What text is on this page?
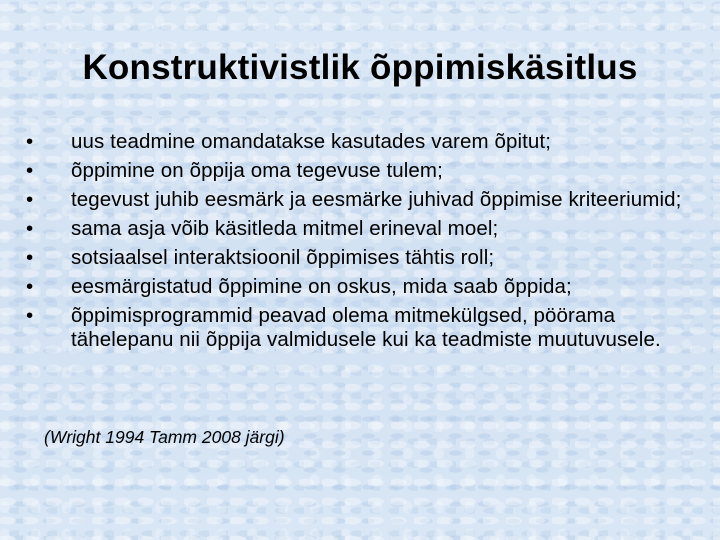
Konstruktivistlik õppimiskäsitlus
•	uus teadmine omandatakse kasutades varem õpitut;
•	õppimine on õppija oma tegevuse tulem;
•	tegevust juhib eesmärk ja eesmärke juhivad õppimise kriteeriumid;
•	sama asja võib käsitleda mitmel erineval moel;
•	sotsiaalsel interaktsioonil õppimises tähtis roll;
•	eesmärgistatud õppimine on oskus, mida saab õppida;
•	õppimisprogrammid peavad olema mitmekülgsed, pöörama tähelepanu nii õppija valmidusele kui ka teadmiste muutuvusele.

(Wright 1994 Tamm 2008 järgi)
